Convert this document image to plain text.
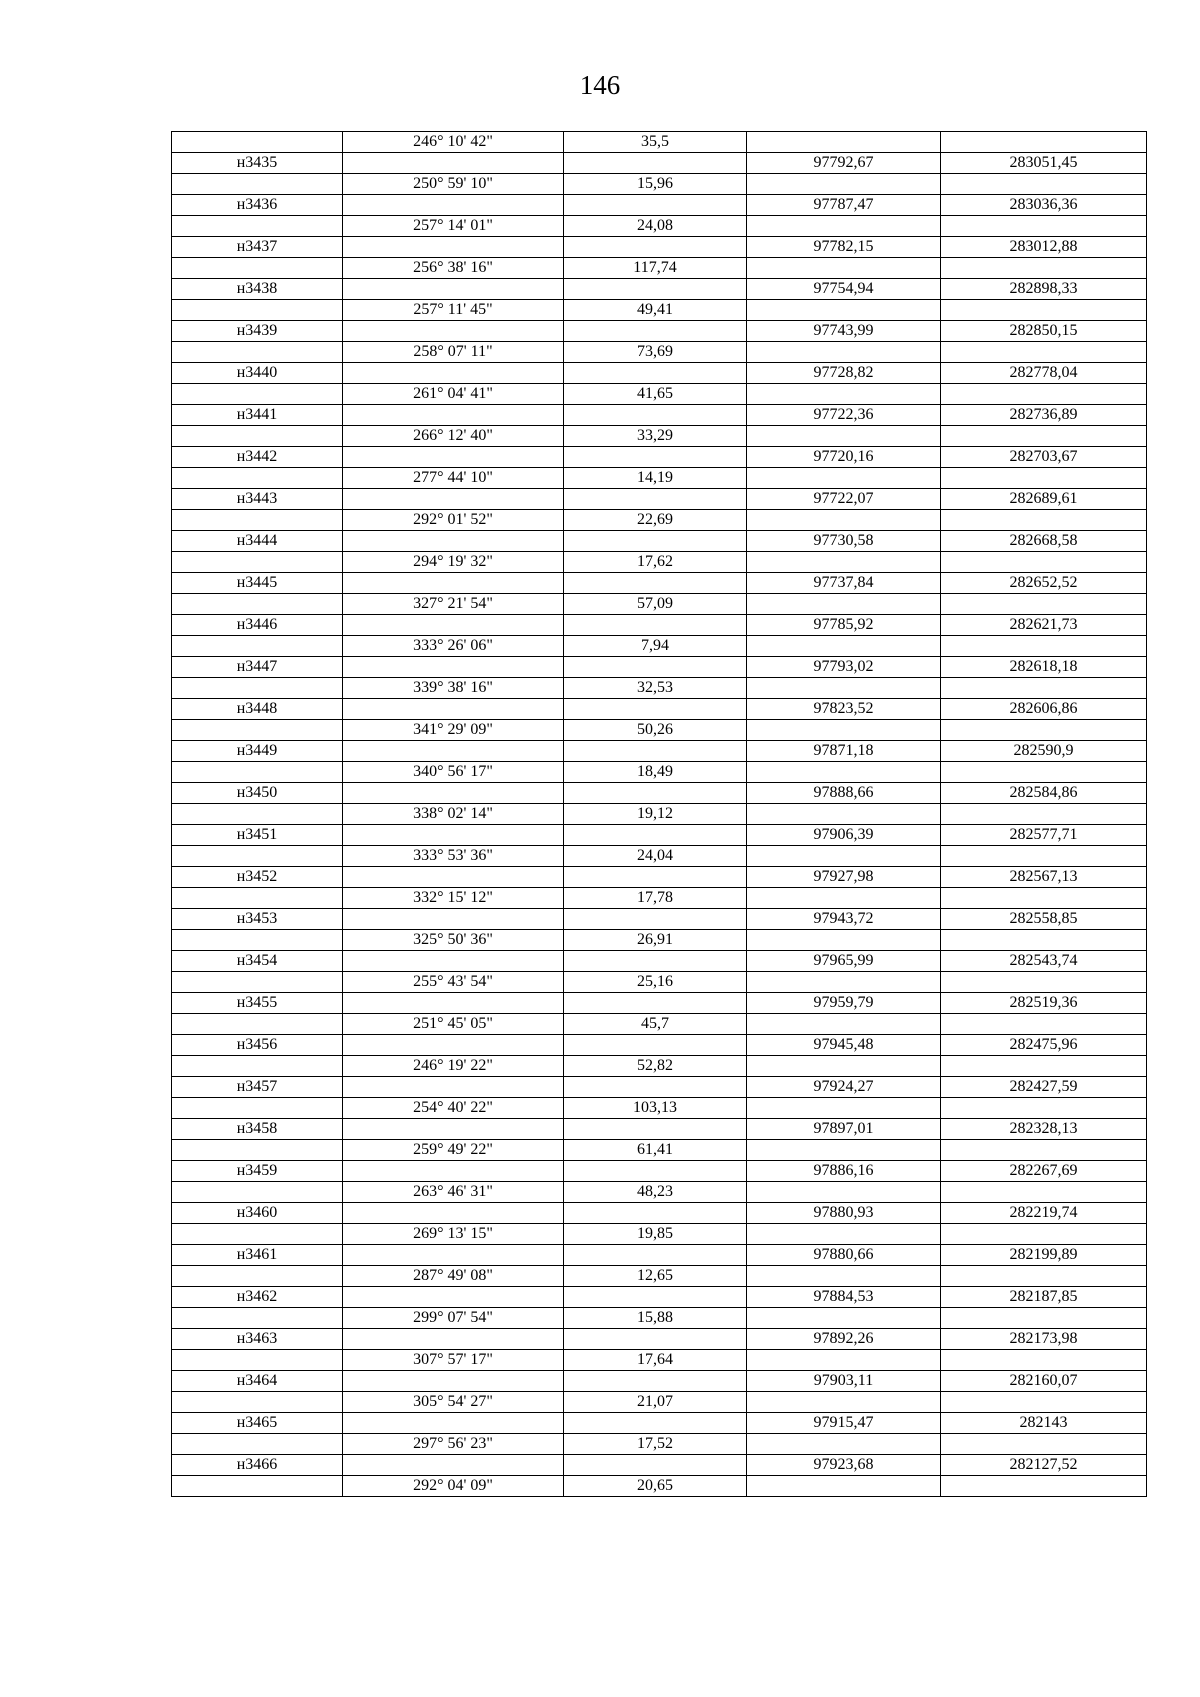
146
	246° 10' 42"	35,5		
н3435			97792,67	283051,45
	250° 59' 10"	15,96		
н3436			97787,47	283036,36
	257° 14' 01"	24,08		
н3437			97782,15	283012,88
	256° 38' 16"	117,74		
н3438			97754,94	282898,33
	257° 11' 45"	49,41		
н3439			97743,99	282850,15
	258° 07' 11"	73,69		
н3440			97728,82	282778,04
	261° 04' 41"	41,65		
н3441			97722,36	282736,89
	266° 12' 40"	33,29		
н3442			97720,16	282703,67
	277° 44' 10"	14,19		
н3443			97722,07	282689,61
	292° 01' 52"	22,69		
н3444			97730,58	282668,58
	294° 19' 32"	17,62		
н3445			97737,84	282652,52
	327° 21' 54"	57,09		
н3446			97785,92	282621,73
	333° 26' 06"	7,94		
н3447			97793,02	282618,18
	339° 38' 16"	32,53		
н3448			97823,52	282606,86
	341° 29' 09"	50,26		
н3449			97871,18	282590,9
	340° 56' 17"	18,49		
н3450			97888,66	282584,86
	338° 02' 14"	19,12		
н3451			97906,39	282577,71
	333° 53' 36"	24,04		
н3452			97927,98	282567,13
	332° 15' 12"	17,78		
н3453			97943,72	282558,85
	325° 50' 36"	26,91		
н3454			97965,99	282543,74
	255° 43' 54"	25,16		
н3455			97959,79	282519,36
	251° 45' 05"	45,7		
н3456			97945,48	282475,96
	246° 19' 22"	52,82		
н3457			97924,27	282427,59
	254° 40' 22"	103,13		
н3458			97897,01	282328,13
	259° 49' 22"	61,41		
н3459			97886,16	282267,69
	263° 46' 31"	48,23		
н3460			97880,93	282219,74
	269° 13' 15"	19,85		
н3461			97880,66	282199,89
	287° 49' 08"	12,65		
н3462			97884,53	282187,85
	299° 07' 54"	15,88		
н3463			97892,26	282173,98
	307° 57' 17"	17,64		
н3464			97903,11	282160,07
	305° 54' 27"	21,07		
н3465			97915,47	282143
	297° 56' 23"	17,52		
н3466			97923,68	282127,52
	292° 04' 09"	20,65		
